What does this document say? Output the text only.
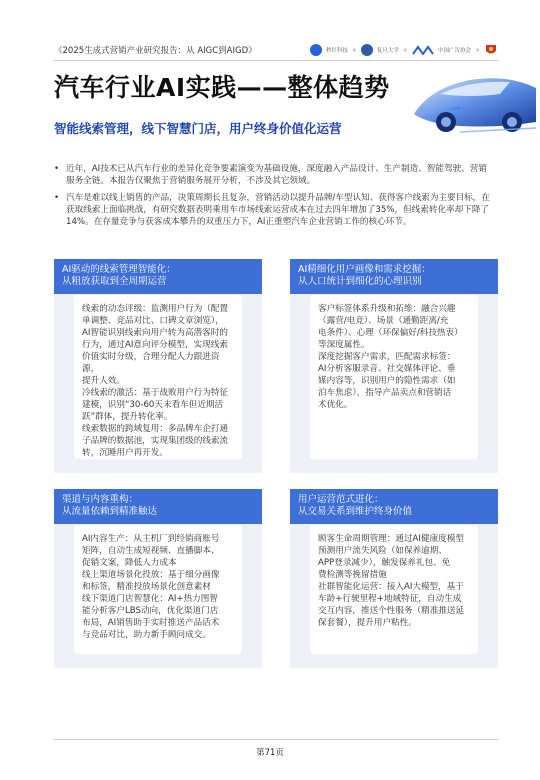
《2025生成式营销产业研究报告：从 AIGC到AIGD》	秒针科技 ×	复旦大学 ×	中国广告协会 ×
汽车行业AI实践——整体趋势
智能线索管理，线下智慧门店，用户终身价值化运营
• 近年，AI技术已从汽车行业的差异化竞争要素演变为基础设施，深度融入产品设计、生产制造、智能驾驶、营销服务全链。本报告仅聚焦于营销服务展开分析，不涉及其它领域。
• 汽车是难以线上销售的产品，决策周期长且复杂，营销活动以提升品牌/车型认知、获得客户线索为主要目标，在获取线索上面临挑战，有研究数据表明乘用车市场线索运营成本在过去四年增加了35%，但线索转化率却下降了14%。在存量竞争与获客成本攀升的双重压力下，AI正重塑汽车企业营销工作的核心环节。
AI驱动的线索管理智能化：
从粗放获取到全周期运营

线索的动态评级：监测用户行为（配置

单调整、竞品对比、口碑文章浏览），

AI智能识别线索向用户转为高潜客时的

行为，通过AI意向评分模型，实现线索

价值实时分级，合理分配人力跟进资源，

提升人效。

冷线索的激活：基于战败用户行为特征

建模，识别“30-60天未看车但近期活

跃”群体，提升转化率。

线索数据的跨域复用：多品牌车企打通

子品牌的数据池，实现集团级的线索流

转，沉睡用户再开发。

AI精细化用户画像和需求挖掘：
从人口统计到细化的心理识别

客户标签体系升级和拓维：融合兴趣

（露营/电竞）、场景（通勤距离/充

电条件）、心理（环保偏好/科技热衷）

等深度属性。

深度挖掘客户需求，匹配需求标签：

AI分析客服录音、社交媒体评论、垂

媒内容等，识别用户的隐性需求（如

泊车焦虑），指导产品卖点和营销话

术优化。

渠道与内容重构：
从流量依赖到精准触达

AI内容生产：从主机厂到经销商账号

矩阵，自动生成短视频、直播脚本、

促销文案，降低人力成本

线上渠道场景化投放：基于细分画像

和标签，精准投放场景化创意素材

线下渠道门店智慧化：AI+热力图智

能分析客户LBS动向，优化渠道门店

布局，AI销售助手实时推送产品话术

与竞品对比，助力新手顾问成交。

用户运营范式进化：
从交易关系到维护终身价值

顾客生命周期管理：通过AI健康度模型

预测用户流失风险（如保养逾期、

APP登录减少），触发保养礼包、免

费检测等挽留措施

社群智能化运营：接入AI大模型，基于

车龄+行驶里程+地域特征，自动生成

交互内容，推送个性服务（精准推送延

保套餐），提升用户粘性。

第71页
